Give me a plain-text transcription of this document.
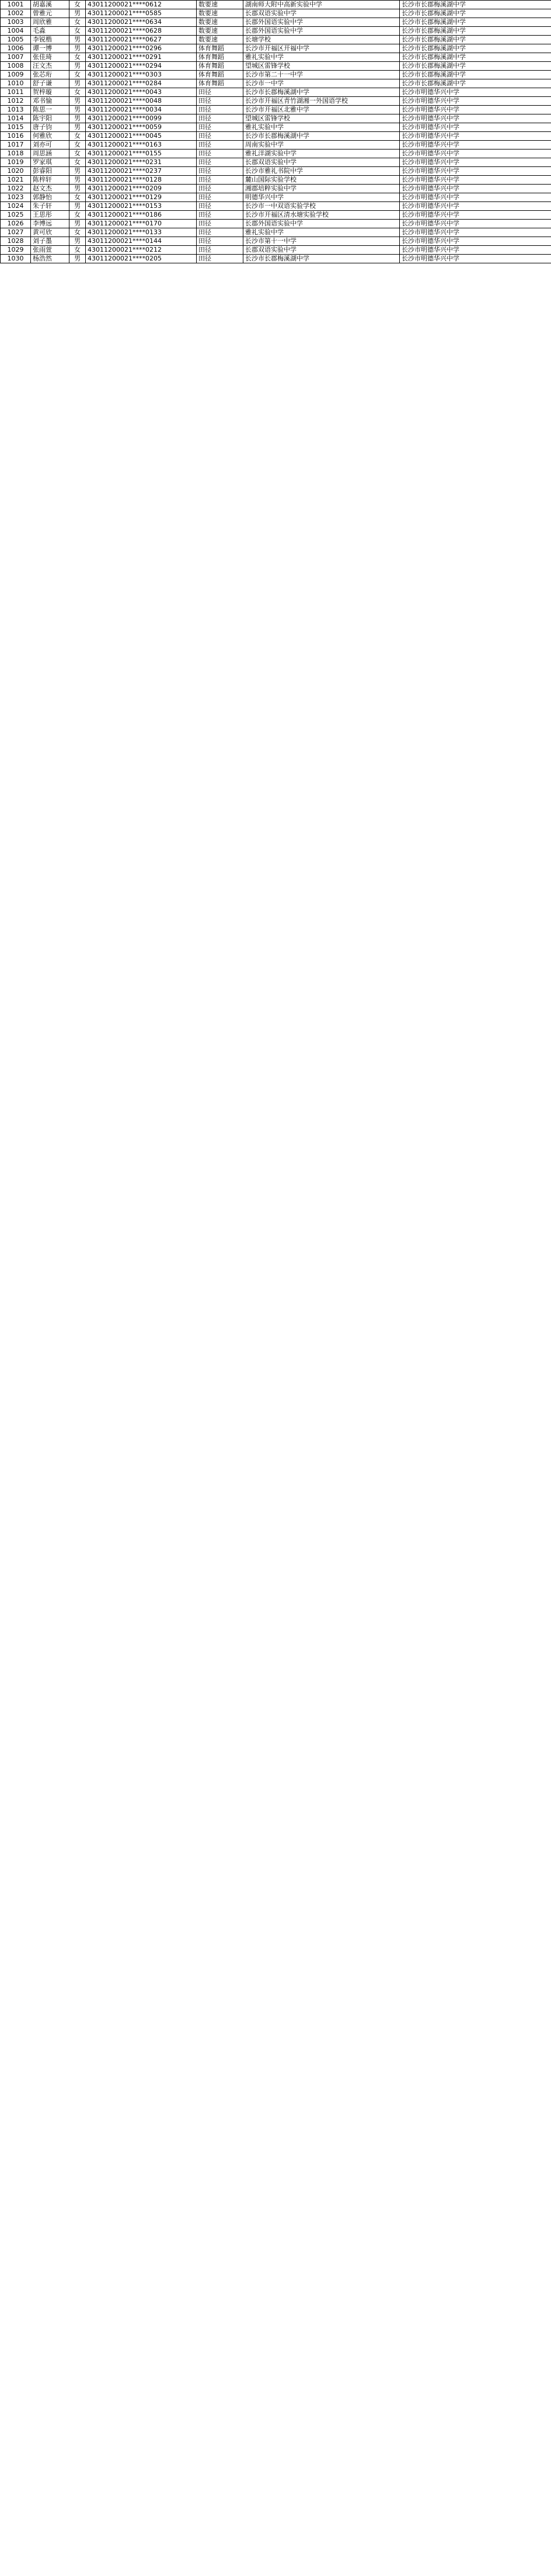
1001	胡嘉溪	女	43011200021****0612	数要速	湖南师大附中高新实验中学	长沙市长郡梅溪湖中学
1002	曾雅元	男	43011200021****0585	数要速	长郡双语实验中学	长沙市长郡梅溪湖中学
1003	周欣雅	女	43011200021****0634	数要速	长郡外国语实验中学	长沙市长郡梅溪湖中学
1004	毛淼	女	43011200021****0628	数要速	长郡外国语实验中学	长沙市长郡梅溪湖中学
1005	李锐楷	男	43011200021****0627	数要速	长塘学校	长沙市长郡梅溪湖中学
1006	谭一博	男	43011200021****0296	体育舞蹈	长沙市开福区开福中学	长沙市长郡梅溪湖中学
1007	张佳琦	女	43011200021****0291	体育舞蹈	雅礼实验中学	长沙市长郡梅溪湖中学
1008	汪文杰	男	43011200021****0294	体育舞蹈	望城区雷锋学校	长沙市长郡梅溪湖中学
1009	张芯珩	女	43011200021****0303	体育舞蹈	长沙市第二十一中学	长沙市长郡梅溪湖中学
1010	舒子谦	男	43011200021****0284	体育舞蹈	长沙市一中学	长沙市长郡梅溪湖中学
1011	贺梓璇	女	43011200021****0043	田径	长沙市长郡梅溪湖中学	长沙市明德华兴中学
1012	邓书愉	男	43011200021****0048	田径	长沙市开福区青竹湖湘一外国语学校	长沙市明德华兴中学
1013	陈思一	男	43011200021****0034	田径	长沙市开福区北雅中学	长沙市明德华兴中学
1014	陈宇阳	男	43011200021****0099	田径	望城区雷锋学校	长沙市明德华兴中学
1015	唐子钧	男	43011200021****0059	田径	雅礼实验中学	长沙市明德华兴中学
1016	何雅欣	女	43011200021****0045	田径	长沙市长郡梅溪湖中学	长沙市明德华兴中学
1017	刘亦可	女	43011200021****0163	田径	周南实验中学	长沙市明德华兴中学
1018	周思涵	女	43011200021****0155	田径	雅礼洋湖实验中学	长沙市明德华兴中学
1019	罗家琪	女	43011200021****0231	田径	长郡双语实验中学	长沙市明德华兴中学
1020	彭睿阳	男	43011200021****0237	田径	长沙市雅礼书院中学	长沙市明德华兴中学
1021	陈梓轩	男	43011200021****0128	田径	麓山国际实验学校	长沙市明德华兴中学
1022	赵文杰	男	43011200021****0209	田径	湘郡培粹实验中学	长沙市明德华兴中学
1023	郭静怡	女	43011200021****0129	田径	明德华兴中学	长沙市明德华兴中学
1024	朱子轩	男	43011200021****0153	田径	长沙市一中双语实验学校	长沙市明德华兴中学
1025	王思彤	女	43011200021****0186	田径	长沙市开福区清水塘实验学校	长沙市明德华兴中学
1026	李博远	男	43011200021****0170	田径	长郡外国语实验中学	长沙市明德华兴中学
1027	黄可欣	女	43011200021****0133	田径	雅礼实验中学	长沙市明德华兴中学
1028	刘子墨	男	43011200021****0144	田径	长沙市第十一中学	长沙市明德华兴中学
1029	张雨萱	女	43011200021****0212	田径	长郡双语实验中学	长沙市明德华兴中学
1030	杨浩然	男	43011200021****0205	田径	长沙市长郡梅溪湖中学	长沙市明德华兴中学
